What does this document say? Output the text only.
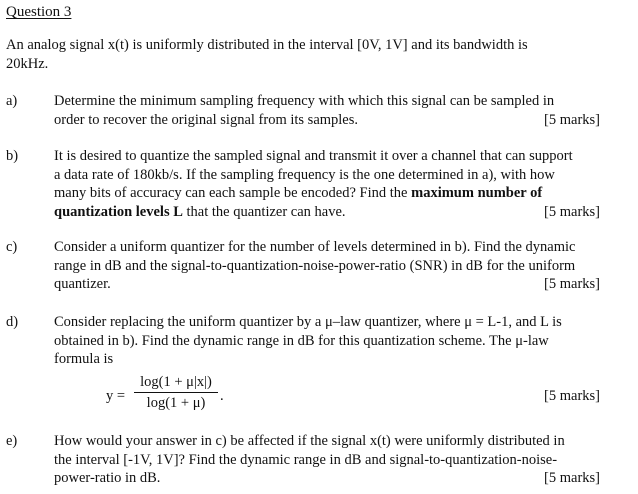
Question 3
An analog signal x(t) is uniformly distributed in the interval [0V, 1V] and its bandwidth is
20kHz.
a)	Determine the minimum sampling frequency with which this signal can be sampled in
order to recover the original signal from its samples.	[5 marks]
b)	It is desired to quantize the sampled signal and transmit it over a channel that can support
a data rate of 180kb/s. If the sampling frequency is the one determined in a), with how
many bits of accuracy can each sample be encoded? Find the maximum number of
quantization levels L that the quantizer can have.	[5 marks]
c)	Consider a uniform quantizer for the number of levels determined in b). Find the dynamic
range in dB and the signal-to-quantization-noise-power-ratio (SNR) in dB for the uniform
quantizer.	[5 marks]
d)	Consider replacing the uniform quantizer by a μ–law quantizer, where μ = L-1, and L is
obtained in b). Find the dynamic range in dB for this quantization scheme. The μ-law
formula is
$y = \frac{\log(1 + \mu|x|)}{\log(1 + \mu)}$ .	[5 marks]
e)	How would your answer in c) be affected if the signal x(t) were uniformly distributed in
the interval [-1V, 1V]? Find the dynamic range in dB and signal-to-quantization-noise-
power-ratio in dB.	[5 marks]
